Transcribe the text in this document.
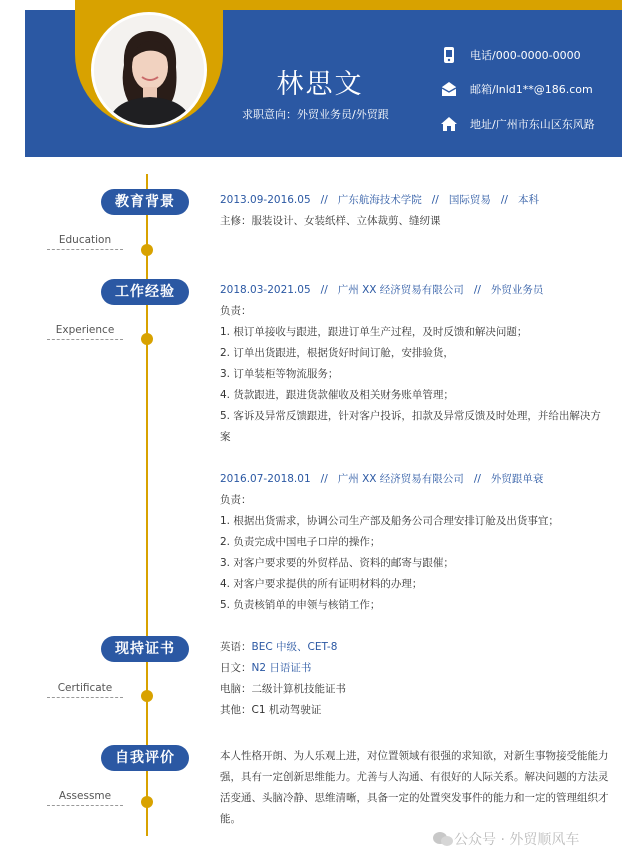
林思文
求职意向：外贸业务员/外贸跟
电话/000-0000-0000
邮箱/lnld1**@186.com
地址/广州市东山区东风路
教育背景
Education
工作经验
Experience
现持证书
Certificate
自我评价
Assessme
2013.09-2016.05 // 广东航海技术学院 // 国际贸易 // 本科
主修：服装设计、女装纸样、立体裁剪、缝纫课
2018.03-2021.05 // 广州 XX 经济贸易有限公司 // 外贸业务员
负责：
1. 根订单接收与跟进，跟进订单生产过程，及时反馈和解决问题；
2. 订单出货跟进，根据货好时间订舱，安排验货，
3. 订单装柜等物流服务；
4. 货款跟进，跟进货款催收及相关财务账单管理；
5. 客诉及异常反馈跟进，针对客户投诉，扣款及异常反馈及时处理，并给出解决方案
2016.07-2018.01 // 广州 XX 经济贸易有限公司 // 外贸跟单衰
负责：
1. 根据出货需求，协调公司生产部及船务公司合理安排订舱及出货事宜；
2. 负责完成中国电子口岸的操作；
3. 对客户要求要的外贸样品、资料的邮寄与跟催；
4. 对客户要求提供的所有证明材料的办理；
5. 负责核销单的申领与核销工作；
英语：BEC 中级、CET-8
日文：N2 日语证书
电脑：二级计算机技能证书
其他：C1 机动驾驶证
本人性格开朗、为人乐观上进，对位置领域有很强的求知欲，对新生事物接受能能力强，具有一定创新思维能力。尤善与人沟通、有很好的人际关系。解决问题的方法灵活变通、头脑冷静、思维清晰，具备一定的处置突发事件的能力和一定的管理组织才能。
公众号 · 外贸顺风车
